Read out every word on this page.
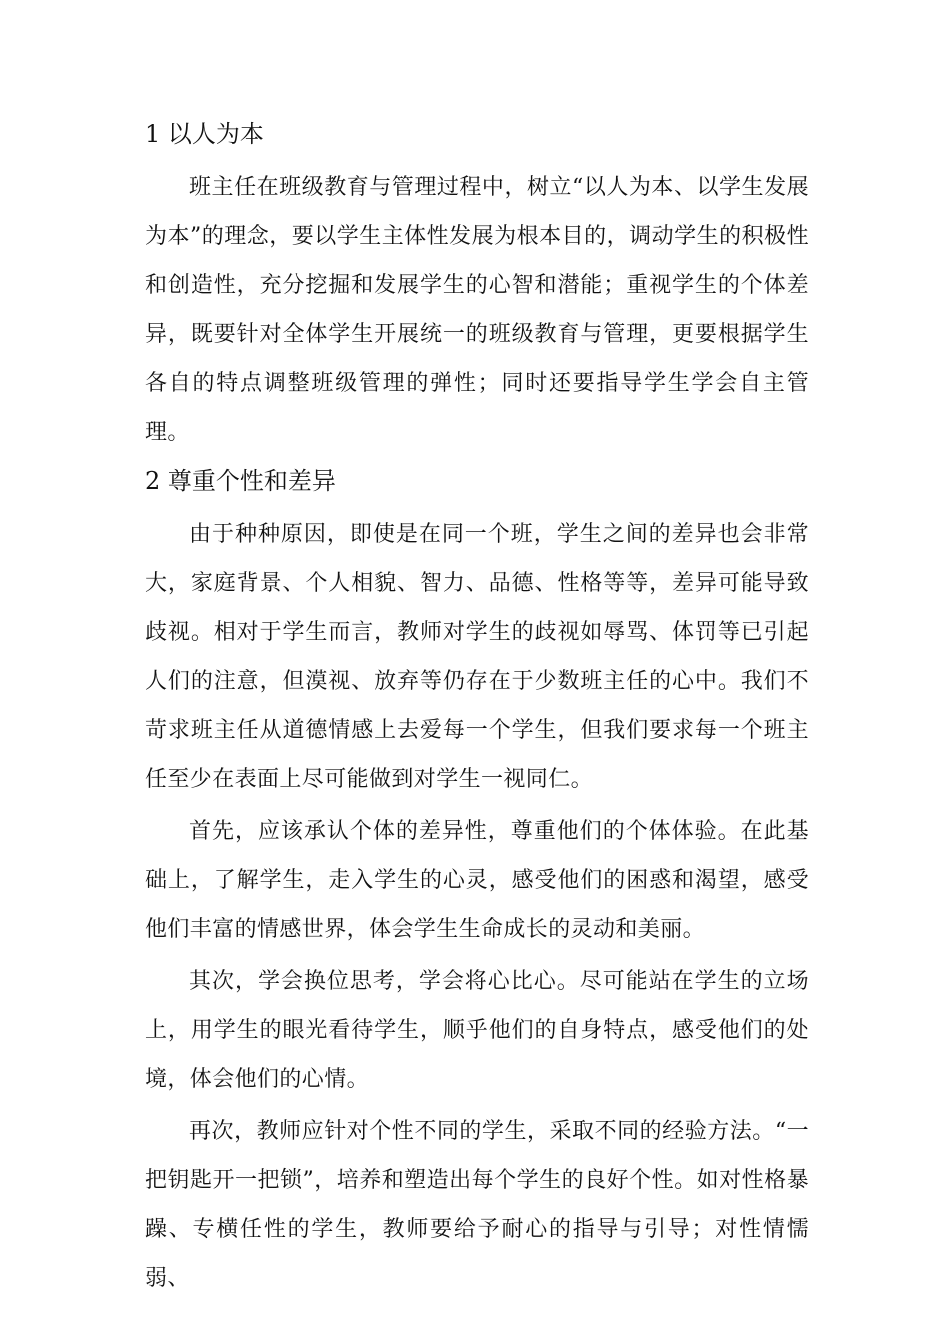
1 以人为本

班主任在班级教育与管理过程中，树立“以人为本、以学生发展为本”的理念，要以学生主体性发展为根本目的，调动学生的积极性和创造性，充分挖掘和发展学生的心智和潜能；重视学生的个体差异，既要针对全体学生开展统一的班级教育与管理，更要根据学生各自的特点调整班级管理的弹性；同时还要指导学生学会自主管理。

2 尊重个性和差异

由于种种原因，即使是在同一个班，学生之间的差异也会非常大，家庭背景、个人相貌、智力、品德、性格等等，差异可能导致歧视。相对于学生而言，教师对学生的歧视如辱骂、体罚等已引起人们的注意，但漠视、放弃等仍存在于少数班主任的心中。我们不苛求班主任从道德情感上去爱每一个学生，但我们要求每一个班主任至少在表面上尽可能做到对学生一视同仁。

首先，应该承认个体的差异性，尊重他们的个体体验。在此基础上，了解学生，走入学生的心灵，感受他们的困惑和渴望，感受他们丰富的情感世界，体会学生生命成长的灵动和美丽。

其次，学会换位思考，学会将心比心。尽可能站在学生的立场上，用学生的眼光看待学生，顺乎他们的自身特点，感受他们的处境，体会他们的心情。

再次，教师应针对个性不同的学生，采取不同的经验方法。“一把钥匙开一把锁”，培养和塑造出每个学生的良好个性。如对性格暴躁、专横任性的学生，教师要给予耐心的指导与引导；对性情懦弱、
